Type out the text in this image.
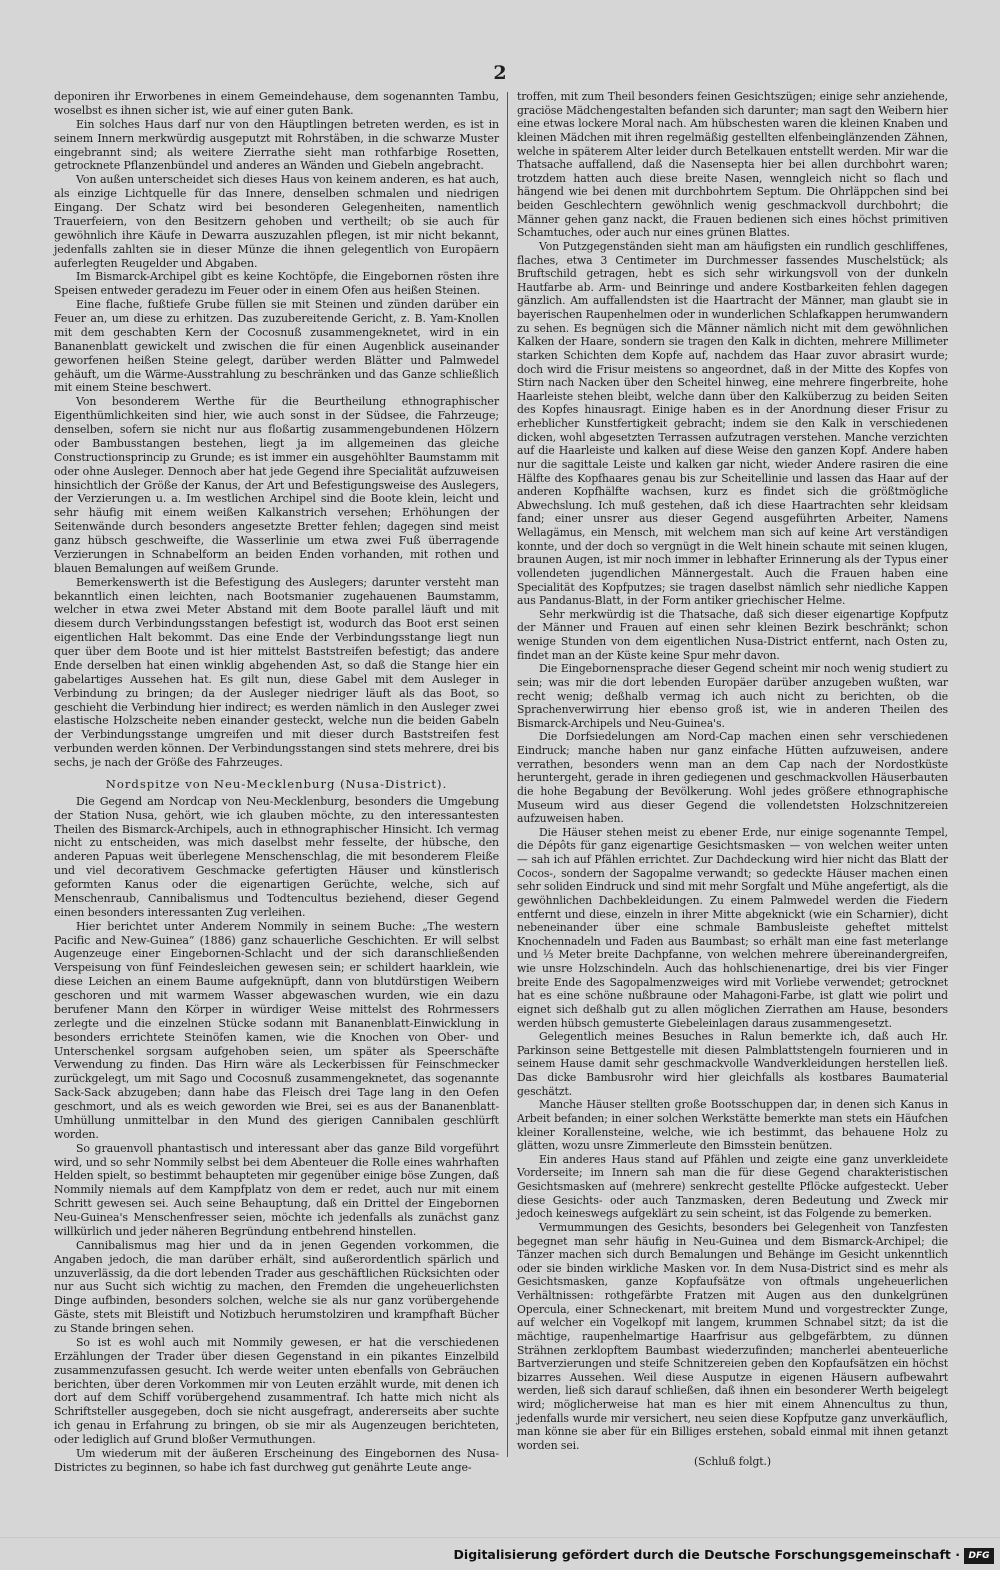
2

deponiren ihr Erworbenes in einem Gemeindehause, dem sogenannten Tambu, woselbst es ihnen sicher ist, wie auf einer guten Bank.

Ein solches Haus darf nur von den Häuptlingen betreten werden, es ist in seinem Innern merkwürdig ausgeputzt mit Rohrstäben, in die schwarze Muster eingebrannt sind; als weitere Zierrathe sieht man rothfarbige Rosetten, getrocknete Pflanzenbündel und anderes an Wänden und Giebeln angebracht.

Von außen unterscheidet sich dieses Haus von keinem anderen, es hat auch, als einzige Lichtquelle für das Innere, denselben schmalen und niedrigen Eingang. Der Schatz wird bei besonderen Gelegenheiten, namentlich Trauerfeiern, von den Besitzern gehoben und vertheilt; ob sie auch für gewöhnlich ihre Käufe in Dewarra auszuzahlen pflegen, ist mir nicht bekannt, jedenfalls zahlten sie in dieser Münze die ihnen gelegentlich von Europäern auferlegten Reugelder und Abgaben.

Im Bismarck-Archipel gibt es keine Kochtöpfe, die Eingebornen rösten ihre Speisen entweder geradezu im Feuer oder in einem Ofen aus heißen Steinen.

Eine flache, fußtiefe Grube füllen sie mit Steinen und zünden darüber ein Feuer an, um diese zu erhitzen. Das zuzubereitende Gericht, z. B. Yam-Knollen mit dem geschabten Kern der Cocosnuß zusammengeknetet, wird in ein Bananenblatt gewickelt und zwischen die für einen Augenblick auseinander geworfenen heißen Steine gelegt, darüber werden Blätter und Palmwedel gehäuft, um die Wärme-Ausstrahlung zu beschränken und das Ganze schließlich mit einem Steine beschwert.

Von besonderem Werthe für die Beurtheilung ethnographischer Eigenthümlichkeiten sind hier, wie auch sonst in der Südsee, die Fahrzeuge; denselben, sofern sie nicht nur aus floßartig zusammengebundenen Hölzern oder Bambusstangen bestehen, liegt ja im allgemeinen das gleiche Constructionsprincip zu Grunde; es ist immer ein ausgehöhlter Baumstamm mit oder ohne Ausleger. Dennoch aber hat jede Gegend ihre Specialität aufzuweisen hinsichtlich der Größe der Kanus, der Art und Befestigungsweise des Auslegers, der Verzierungen u. a. Im westlichen Archipel sind die Boote klein, leicht und sehr häufig mit einem weißen Kalkanstrich versehen; Erhöhungen der Seitenwände durch besonders angesetzte Bretter fehlen; dagegen sind meist ganz hübsch geschweifte, die Wasserlinie um etwa zwei Fuß überragende Verzierungen in Schnabelform an beiden Enden vorhanden, mit rothen und blauen Bemalungen auf weißem Grunde.

Bemerkenswerth ist die Befestigung des Auslegers; darunter versteht man bekanntlich einen leichten, nach Bootsmanier zugehauenen Baumstamm, welcher in etwa zwei Meter Abstand mit dem Boote parallel läuft und mit diesem durch Verbindungsstangen befestigt ist, wodurch das Boot erst seinen eigentlichen Halt bekommt. Das eine Ende der Verbindungsstange liegt nun quer über dem Boote und ist hier mittelst Baststreifen befestigt; das andere Ende derselben hat einen winklig abgehenden Ast, so daß die Stange hier ein gabelartiges Aussehen hat. Es gilt nun, diese Gabel mit dem Ausleger in Verbindung zu bringen; da der Ausleger niedriger läuft als das Boot, so geschieht die Verbindung hier indirect; es werden nämlich in den Ausleger zwei elastische Holzscheite neben einander gesteckt, welche nun die beiden Gabeln der Verbindungsstange umgreifen und mit dieser durch Baststreifen fest verbunden werden können. Der Verbindungsstangen sind stets mehrere, drei bis sechs, je nach der Größe des Fahrzeuges.

Nordspitze von Neu-Mecklenburg (Nusa-District).

Die Gegend am Nordcap von Neu-Mecklenburg, besonders die Umgebung der Station Nusa, gehört, wie ich glauben möchte, zu den interessantesten Theilen des Bismarck-Archipels, auch in ethnographischer Hinsicht. Ich vermag nicht zu entscheiden, was mich daselbst mehr fesselte, der hübsche, den anderen Papuas weit überlegene Menschenschlag, die mit besonderem Fleiße und viel decorativem Geschmacke gefertigten Häuser und künstlerisch geformten Kanus oder die eigenartigen Gerüchte, welche, sich auf Menschenraub, Cannibalismus und Todtencultus beziehend, dieser Gegend einen besonders interessanten Zug verleihen.

Hier berichtet unter Anderem Nommily in seinem Buche: „The western Pacific and New-Guinea“ (1886) ganz schauerliche Geschichten. Er will selbst Augenzeuge einer Eingebornen-Schlacht und der sich daranschließenden Verspeisung von fünf Feindesleichen gewesen sein; er schildert haarklein, wie diese Leichen an einem Baume aufgeknüpft, dann von blutdürstigen Weibern geschoren und mit warmem Wasser abgewaschen wurden, wie ein dazu berufener Mann den Körper in würdiger Weise mittelst des Rohrmessers zerlegte und die einzelnen Stücke sodann mit Bananenblatt-Einwicklung in besonders errichtete Steinöfen kamen, wie die Knochen von Ober- und Unterschenkel sorgsam aufgehoben seien, um später als Speerschäfte Verwendung zu finden. Das Hirn wäre als Leckerbissen für Feinschmecker zurückgelegt, um mit Sago und Cocosnuß zusammengeknetet, das sogenannte Sack-Sack abzugeben; dann habe das Fleisch drei Tage lang in den Oefen geschmort, und als es weich geworden wie Brei, sei es aus der Bananenblatt-Umhüllung unmittelbar in den Mund des gierigen Cannibalen geschlürft worden.

So grauenvoll phantastisch und interessant aber das ganze Bild vorgeführt wird, und so sehr Nommily selbst bei dem Abenteuer die Rolle eines wahrhaften Helden spielt, so bestimmt behaupteten mir gegenüber einige böse Zungen, daß Nommily niemals auf dem Kampfplatz von dem er redet, auch nur mit einem Schritt gewesen sei. Auch seine Behauptung, daß ein Drittel der Eingebornen Neu-Guinea's Menschenfresser seien, möchte ich jedenfalls als zunächst ganz willkürlich und jeder näheren Begründung entbehrend hinstellen.

Cannibalismus mag hier und da in jenen Gegenden vorkommen, die Angaben jedoch, die man darüber erhält, sind außerordentlich spärlich und unzuverlässig, da die dort lebenden Trader aus geschäftlichen Rücksichten oder nur aus Sucht sich wichtig zu machen, den Fremden die ungeheuerlichsten Dinge aufbinden, besonders solchen, welche sie als nur ganz vorübergehende Gäste, stets mit Bleistift und Notizbuch herumstolziren und krampfhaft Bücher zu Stande bringen sehen.

So ist es wohl auch mit Nommily gewesen, er hat die verschiedenen Erzählungen der Trader über diesen Gegenstand in ein pikantes Einzelbild zusammenzufassen gesucht. Ich werde weiter unten ebenfalls von Gebräuchen berichten, über deren Vorkommen mir von Leuten erzählt wurde, mit denen ich dort auf dem Schiff vorübergehend zusammentraf. Ich hatte mich nicht als Schriftsteller ausgegeben, doch sie nicht ausgefragt, andererseits aber suchte ich genau in Erfahrung zu bringen, ob sie mir als Augenzeugen berichteten, oder lediglich auf Grund bloßer Vermuthungen.

Um wiederum mit der äußeren Erscheinung des Eingebornen des Nusa-Districtes zu beginnen, so habe ich fast durchweg gut genährte Leute ange-

troffen, mit zum Theil besonders feinen Gesichtszügen; einige sehr anziehende, graciöse Mädchengestalten befanden sich darunter; man sagt den Weibern hier eine etwas lockere Moral nach. Am hübschesten waren die kleinen Knaben und kleinen Mädchen mit ihren regelmäßig gestellten elfenbeinglänzenden Zähnen, welche in späterem Alter leider durch Betelkauen entstellt werden. Mir war die Thatsache auffallend, daß die Nasensepta hier bei allen durchbohrt waren; trotzdem hatten auch diese breite Nasen, wenngleich nicht so flach und hängend wie bei denen mit durchbohrtem Septum. Die Ohrläppchen sind bei beiden Geschlechtern gewöhnlich wenig geschmackvoll durchbohrt; die Männer gehen ganz nackt, die Frauen bedienen sich eines höchst primitiven Schamtuches, oder auch nur eines grünen Blattes.

Von Putzgegenständen sieht man am häufigsten ein rundlich geschliffenes, flaches, etwa 3 Centimeter im Durchmesser fassendes Muschelstück; als Bruftschild getragen, hebt es sich sehr wirkungsvoll von der dunkeln Hautfarbe ab. Arm- und Beinringe und andere Kostbarkeiten fehlen dagegen gänzlich. Am auffallendsten ist die Haartracht der Männer, man glaubt sie in bayerischen Raupenhelmen oder in wunderlichen Schlafkappen herumwandern zu sehen. Es begnügen sich die Männer nämlich nicht mit dem gewöhnlichen Kalken der Haare, sondern sie tragen den Kalk in dichten, mehrere Millimeter starken Schichten dem Kopfe auf, nachdem das Haar zuvor abrasirt wurde; doch wird die Frisur meistens so angeordnet, daß in der Mitte des Kopfes von Stirn nach Nacken über den Scheitel hinweg, eine mehrere fingerbreite, hohe Haarleiste stehen bleibt, welche dann über den Kalküberzug zu beiden Seiten des Kopfes hinausragt. Einige haben es in der Anordnung dieser Frisur zu erheblicher Kunstfertigkeit gebracht; indem sie den Kalk in verschiedenen dicken, wohl abgesetzten Terrassen aufzutragen verstehen. Manche verzichten auf die Haarleiste und kalken auf diese Weise den ganzen Kopf. Andere haben nur die sagittale Leiste und kalken gar nicht, wieder Andere rasiren die eine Hälfte des Kopfhaares genau bis zur Scheitellinie und lassen das Haar auf der anderen Kopfhälfte wachsen, kurz es findet sich die größtmögliche Abwechslung. Ich muß gestehen, daß ich diese Haartrachten sehr kleidsam fand; einer unsrer aus dieser Gegend ausgeführten Arbeiter, Namens Wellagämus, ein Mensch, mit welchem man sich auf keine Art verständigen konnte, und der doch so vergnügt in die Welt hinein schaute mit seinen klugen, braunen Augen, ist mir noch immer in lebhafter Erinnerung als der Typus einer vollendeten jugendlichen Männergestalt. Auch die Frauen haben eine Specialität des Kopfputzes; sie tragen daselbst nämlich sehr niedliche Kappen aus Pandanus-Blatt, in der Form antiker griechischer Helme.

Sehr merkwürdig ist die Thatsache, daß sich dieser eigenartige Kopfputz der Männer und Frauen auf einen sehr kleinen Bezirk beschränkt; schon wenige Stunden von dem eigentlichen Nusa-District entfernt, nach Osten zu, findet man an der Küste keine Spur mehr davon.

Die Eingebornensprache dieser Gegend scheint mir noch wenig studiert zu sein; was mir die dort lebenden Europäer darüber anzugeben wußten, war recht wenig; deßhalb vermag ich auch nicht zu berichten, ob die Sprachenverwirrung hier ebenso groß ist, wie in anderen Theilen des Bismarck-Archipels und Neu-Guinea's.

Die Dorfsiedelungen am Nord-Cap machen einen sehr verschiedenen Eindruck; manche haben nur ganz einfache Hütten aufzuweisen, andere verrathen, besonders wenn man an dem Cap nach der Nordostküste heruntergeht, gerade in ihren gediegenen und geschmackvollen Häuserbauten die hohe Begabung der Bevölkerung. Wohl jedes größere ethnographische Museum wird aus dieser Gegend die vollendetsten Holzschnitzereien aufzuweisen haben.

Die Häuser stehen meist zu ebener Erde, nur einige sogenannte Tempel, die Dépôts für ganz eigenartige Gesichtsmasken — von welchen weiter unten — sah ich auf Pfählen errichtet. Zur Dachdeckung wird hier nicht das Blatt der Cocos-, sondern der Sagopalme verwandt; so gedeckte Häuser machen einen sehr soliden Eindruck und sind mit mehr Sorgfalt und Mühe angefertigt, als die gewöhnlichen Dachbekleidungen. Zu einem Palmwedel werden die Fiedern entfernt und diese, einzeln in ihrer Mitte abgeknickt (wie ein Scharnier), dicht nebeneinander über eine schmale Bambusleiste geheftet mittelst Knochennadeln und Faden aus Baumbast; so erhält man eine fast meterlange und ⅓ Meter breite Dachpfanne, von welchen mehrere übereinandergreifen, wie unsre Holzschindeln. Auch das hohlschienenartige, drei bis vier Finger breite Ende des Sagopalmenzweiges wird mit Vorliebe verwendet; getrocknet hat es eine schöne nußbraune oder Mahagoni-Farbe, ist glatt wie polirt und eignet sich deßhalb gut zu allen möglichen Zierrathen am Hause, besonders werden hübsch gemusterte Giebeleinlagen daraus zusammengesetzt.

Gelegentlich meines Besuches in Ralun bemerkte ich, daß auch Hr. Parkinson seine Bettgestelle mit diesen Palmblattstengeln fournieren und in seinem Hause damit sehr geschmackvolle Wandverkleidungen herstellen ließ. Das dicke Bambusrohr wird hier gleichfalls als kostbares Baumaterial geschätzt.

Manche Häuser stellten große Bootsschuppen dar, in denen sich Kanus in Arbeit befanden; in einer solchen Werkstätte bemerkte man stets ein Häufchen kleiner Korallensteine, welche, wie ich bestimmt, das behauene Holz zu glätten, wozu unsre Zimmerleute den Bimsstein benützen.

Ein anderes Haus stand auf Pfählen und zeigte eine ganz unverkleidete Vorderseite; im Innern sah man die für diese Gegend charakteristischen Gesichtsmasken auf (mehrere) senkrecht gestellte Pflöcke aufgesteckt. Ueber diese Gesichts- oder auch Tanzmasken, deren Bedeutung und Zweck mir jedoch keineswegs aufgeklärt zu sein scheint, ist das Folgende zu bemerken.

Vermummungen des Gesichts, besonders bei Gelegenheit von Tanzfesten begegnet man sehr häufig in Neu-Guinea und dem Bismarck-Archipel; die Tänzer machen sich durch Bemalungen und Behänge im Gesicht unkenntlich oder sie binden wirkliche Masken vor. In dem Nusa-District sind es mehr als Gesichtsmasken, ganze Kopfaufsätze von oftmals ungeheuerlichen Verhältnissen: rothgefärbte Fratzen mit Augen aus den dunkelgrünen Operculа, einer Schneckenart, mit breitem Mund und vorgestreckter Zunge, auf welcher ein Vogelkopf mit langem, krummen Schnabel sitzt; da ist die mächtige, raupenhelmartige Haarfrisur aus gelbgefärbtem, zu dünnen Strähnen zerklopftem Baumbast wiederzufinden; mancherlei abenteuerliche Bartverzierungen und steife Schnitzereien geben den Kopfaufsätzen ein höchst bizarres Aussehen. Weil diese Ausputze in eigenen Häusern aufbewahrt werden, ließ sich darauf schließen, daß ihnen ein besonderer Werth beigelegt wird; möglicherweise hat man es hier mit einem Ahnencultus zu thun, jedenfalls wurde mir versichert, neu seien diese Kopfputze ganz unverkäuflich, man könne sie aber für ein Billiges erstehen, sobald einmal mit ihnen getanzt worden sei.

(Schluß folgt.)
Digitalisierung gefördert durch die Deutsche Forschungsgemeinschaft · DFG
